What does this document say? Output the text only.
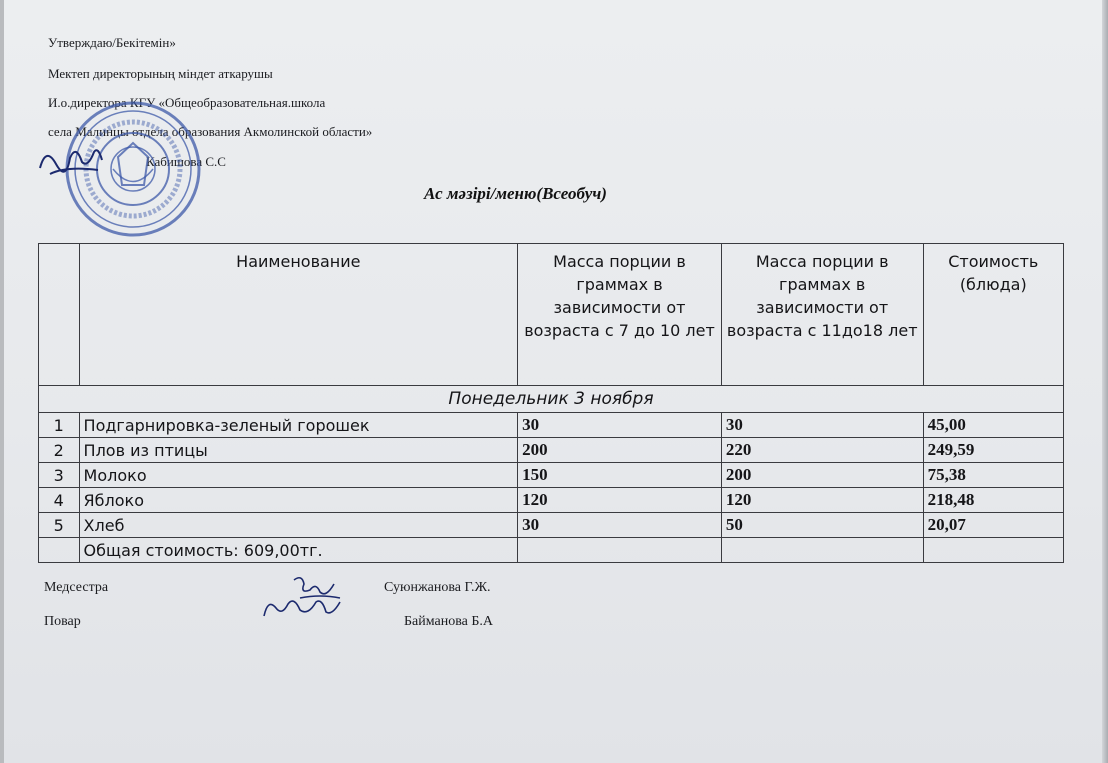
Утверждаю/Бекітемін»
Мектеп директорының міндет аткарушы
И.о.директора КГУ «Общеобразовательная.школа
села Малинцы отдела образования Акмолинской области»
Кабишова С.С
Ас мәзірі/меню(Всеобуч)
	Наименование	Масса порции в граммах в зависимости от возраста с 7 до 10 лет	Масса порции в граммах в зависимости от возраста с 11до18 лет	Стоимость (блюда)
Понедельник 3 ноября				
1	Подгарнировка-зеленый горошек	30	30	45,00
2	Плов из птицы	200	220	249,59
3	Молоко	150	200	75,38
4	Яблоко	120	120	218,48
5	Хлеб	30	50	20,07
	Общая стоимость: 609,00тг.			
Медсестра	Суюнжанова Г.Ж.
Повар	Байманова Б.А
